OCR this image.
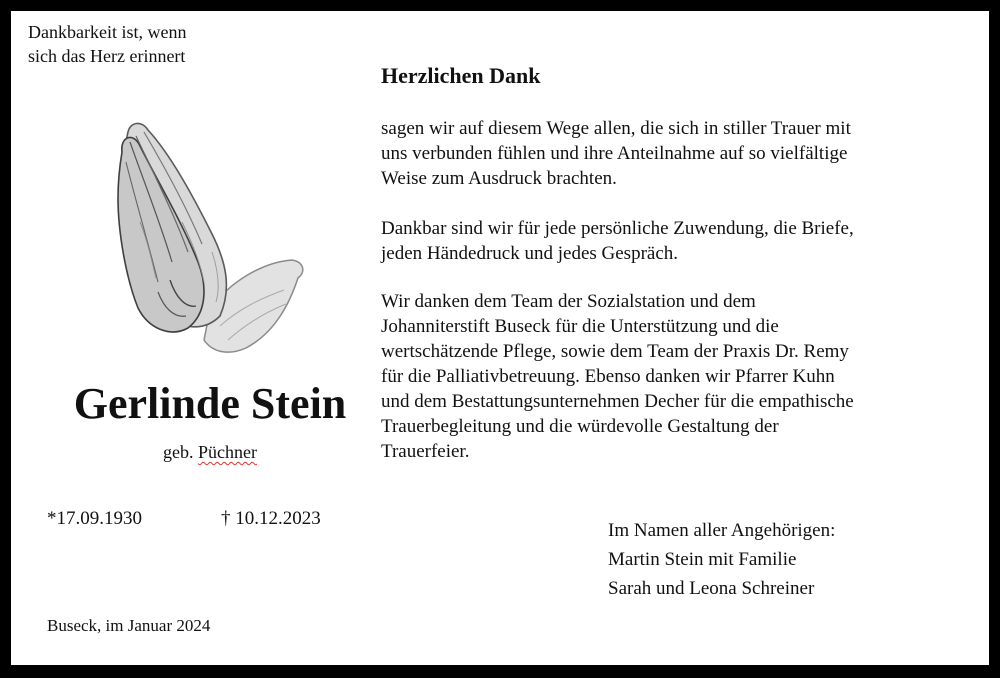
Dankbarkeit ist, wenn
sich das Herz erinnert
Gerlinde Stein
geb. Püchner
*17.09.1930	† 10.12.2023
Buseck, im Januar 2024
Herzlichen Dank
sagen wir auf diesem Wege allen, die sich in stiller Trauer mit
uns verbunden fühlen und ihre Anteilnahme auf so vielfältige
Weise zum Ausdruck brachten.
Dankbar sind wir für jede persönliche Zuwendung, die Briefe,
jeden Händedruck und jedes Gespräch.
Wir danken dem Team der Sozialstation und dem
Johanniterstift Buseck für die Unterstützung und die
wertschätzende Pflege, sowie dem Team der Praxis Dr. Remy
für die Palliativbetreuung. Ebenso danken wir Pfarrer Kuhn
und dem Bestattungsunternehmen Decher für die empathische
Trauerbegleitung und die würdevolle Gestaltung der
Trauerfeier.
Im Namen aller Angehörigen:
Martin Stein mit Familie
Sarah und Leona Schreiner
